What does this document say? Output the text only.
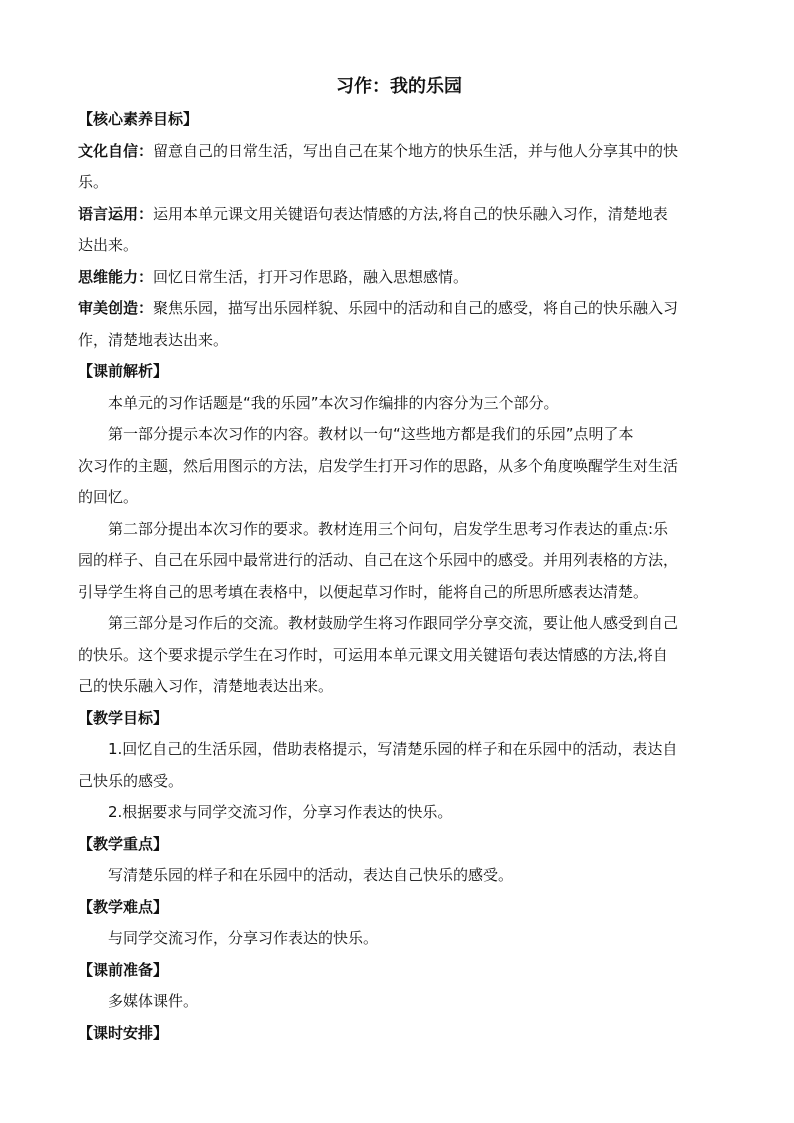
习作：我的乐园

【核心素养目标】

文化自信：留意自己的日常生活，写出自己在某个地方的快乐生活，并与他人分享其中的快

乐。

语言运用：运用本单元课文用关键语句表达情感的方法,将自己的快乐融入习作，清楚地表

达出来。

思维能力：回忆日常生活，打开习作思路，融入思想感情。

审美创造：聚焦乐园，描写出乐园样貌、乐园中的活动和自己的感受，将自己的快乐融入习

作，清楚地表达出来。

【课前解析】

本单元的习作话题是“我的乐园”本次习作编排的内容分为三个部分。

第一部分提示本次习作的内容。教材以一句“这些地方都是我们的乐园”点明了本

次习作的主题，然后用图示的方法，启发学生打开习作的思路，从多个角度唤醒学生对生活

的回忆。

第二部分提出本次习作的要求。教材连用三个问句，启发学生思考习作表达的重点:乐

园的样子、自己在乐园中最常进行的活动、自己在这个乐园中的感受。并用列表格的方法，

引导学生将自己的思考填在表格中，以便起草习作时，能将自己的所思所感表达清楚。

第三部分是习作后的交流。教材鼓励学生将习作跟同学分享交流，要让他人感受到自己

的快乐。这个要求提示学生在习作时，可运用本单元课文用关键语句表达情感的方法,将自

己的快乐融入习作，清楚地表达出来。

【教学目标】

1.回忆自己的生活乐园，借助表格提示，写清楚乐园的样子和在乐园中的活动，表达自

己快乐的感受。

2.根据要求与同学交流习作，分享习作表达的快乐。

【教学重点】

写清楚乐园的样子和在乐园中的活动，表达自己快乐的感受。

【教学难点】

与同学交流习作，分享习作表达的快乐。

【课前准备】

多媒体课件。

【课时安排】
